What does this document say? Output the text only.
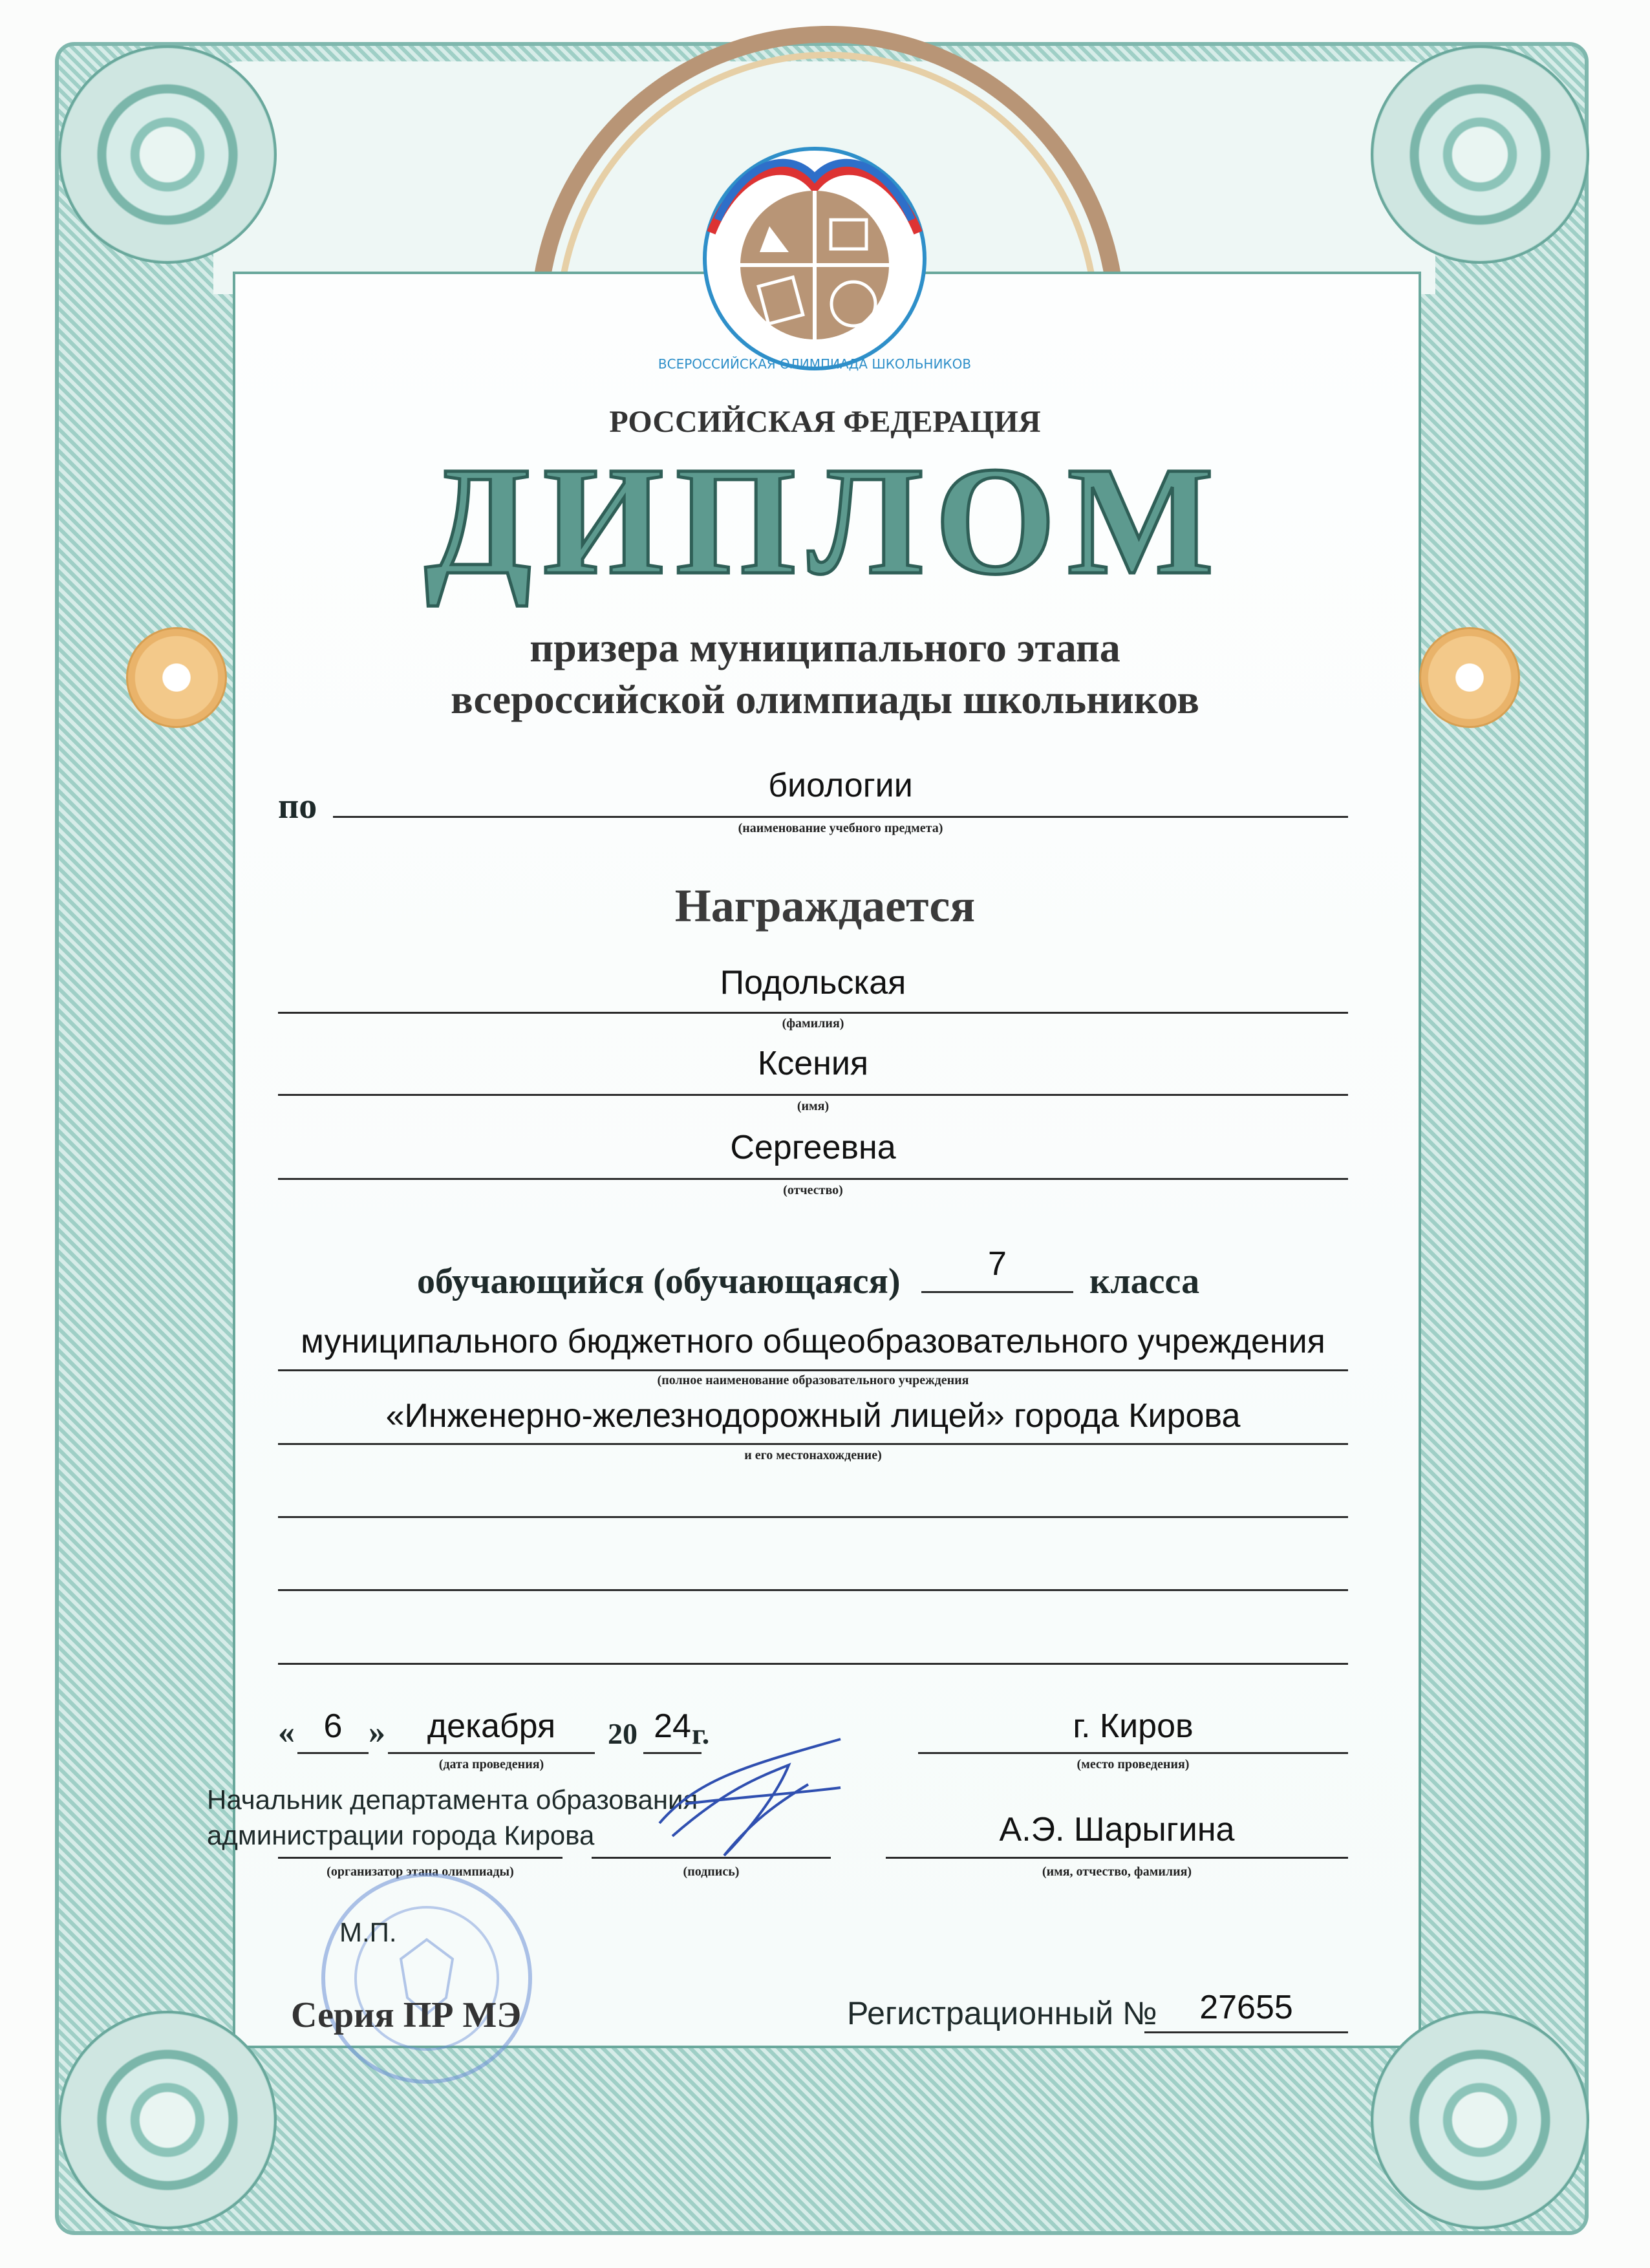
ВСЕРОССИЙСКАЯ ОЛИМПИАДА ШКОЛЬНИКОВ
РОССИЙСКАЯ ФЕДЕРАЦИЯ
ДИПЛОМ
призера муниципального этапа
всероссийской олимпиады школьников
по
биологии
(наименование учебного предмета)
Награждается
Подольская
(фамилия)
Ксения
(имя)
Сергеевна
(отчество)
обучающийся (обучающаяся)	7	класса
муниципального бюджетного общеобразовательного учреждения
(полное наименование образовательного учреждения
«Инженерно-железнодорожный лицей» города Кирова
и его местонахождение)
« 6 »	декабря	20 24 г.
(дата проведения)
г. Киров
(место проведения)
Начальник департамента образования
администрации города Кирова
(организатор этапа олимпиады)	(подпись)
А.Э. Шарыгина
(имя, отчество, фамилия)
М.П.
Серия ПР МЭ	Регистрационный №	27655
